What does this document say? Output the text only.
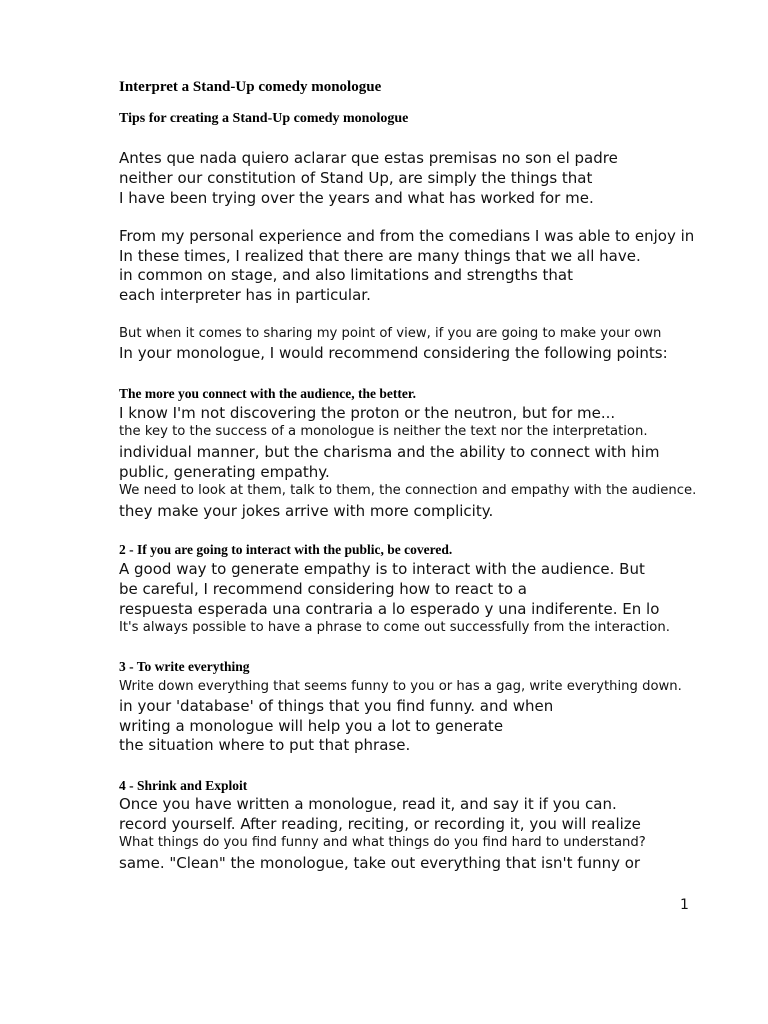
Interpret a Stand-Up comedy monologue
Tips for creating a Stand-Up comedy monologue
Antes que nada quiero aclarar que estas premisas no son el padre
neither our constitution of Stand Up, are simply the things that
I have been trying over the years and what has worked for me.
From my personal experience and from the comedians I was able to enjoy in
In these times, I realized that there are many things that we all have.
in common on stage, and also limitations and strengths that
each interpreter has in particular.
But when it comes to sharing my point of view, if you are going to make your own
In your monologue, I would recommend considering the following points:
The more you connect with the audience, the better.
I know I'm not discovering the proton or the neutron, but for me...
the key to the success of a monologue is neither the text nor the interpretation.
individual manner, but the charisma and the ability to connect with him
public, generating empathy.
We need to look at them, talk to them, the connection and empathy with the audience.
they make your jokes arrive with more complicity.
2 - If you are going to interact with the public, be covered.
A good way to generate empathy is to interact with the audience. But
be careful, I recommend considering how to react to a
respuesta esperada una contraria a lo esperado y una indiferente. En lo
It's always possible to have a phrase to come out successfully from the interaction.
3 - To write everything
Write down everything that seems funny to you or has a gag, write everything down.
in your 'database' of things that you find funny. and when
writing a monologue will help you a lot to generate
the situation where to put that phrase.
4 - Shrink and Exploit
Once you have written a monologue, read it, and say it if you can.
record yourself. After reading, reciting, or recording it, you will realize
What things do you find funny and what things do you find hard to understand?
same. "Clean" the monologue, take out everything that isn't funny or
1
